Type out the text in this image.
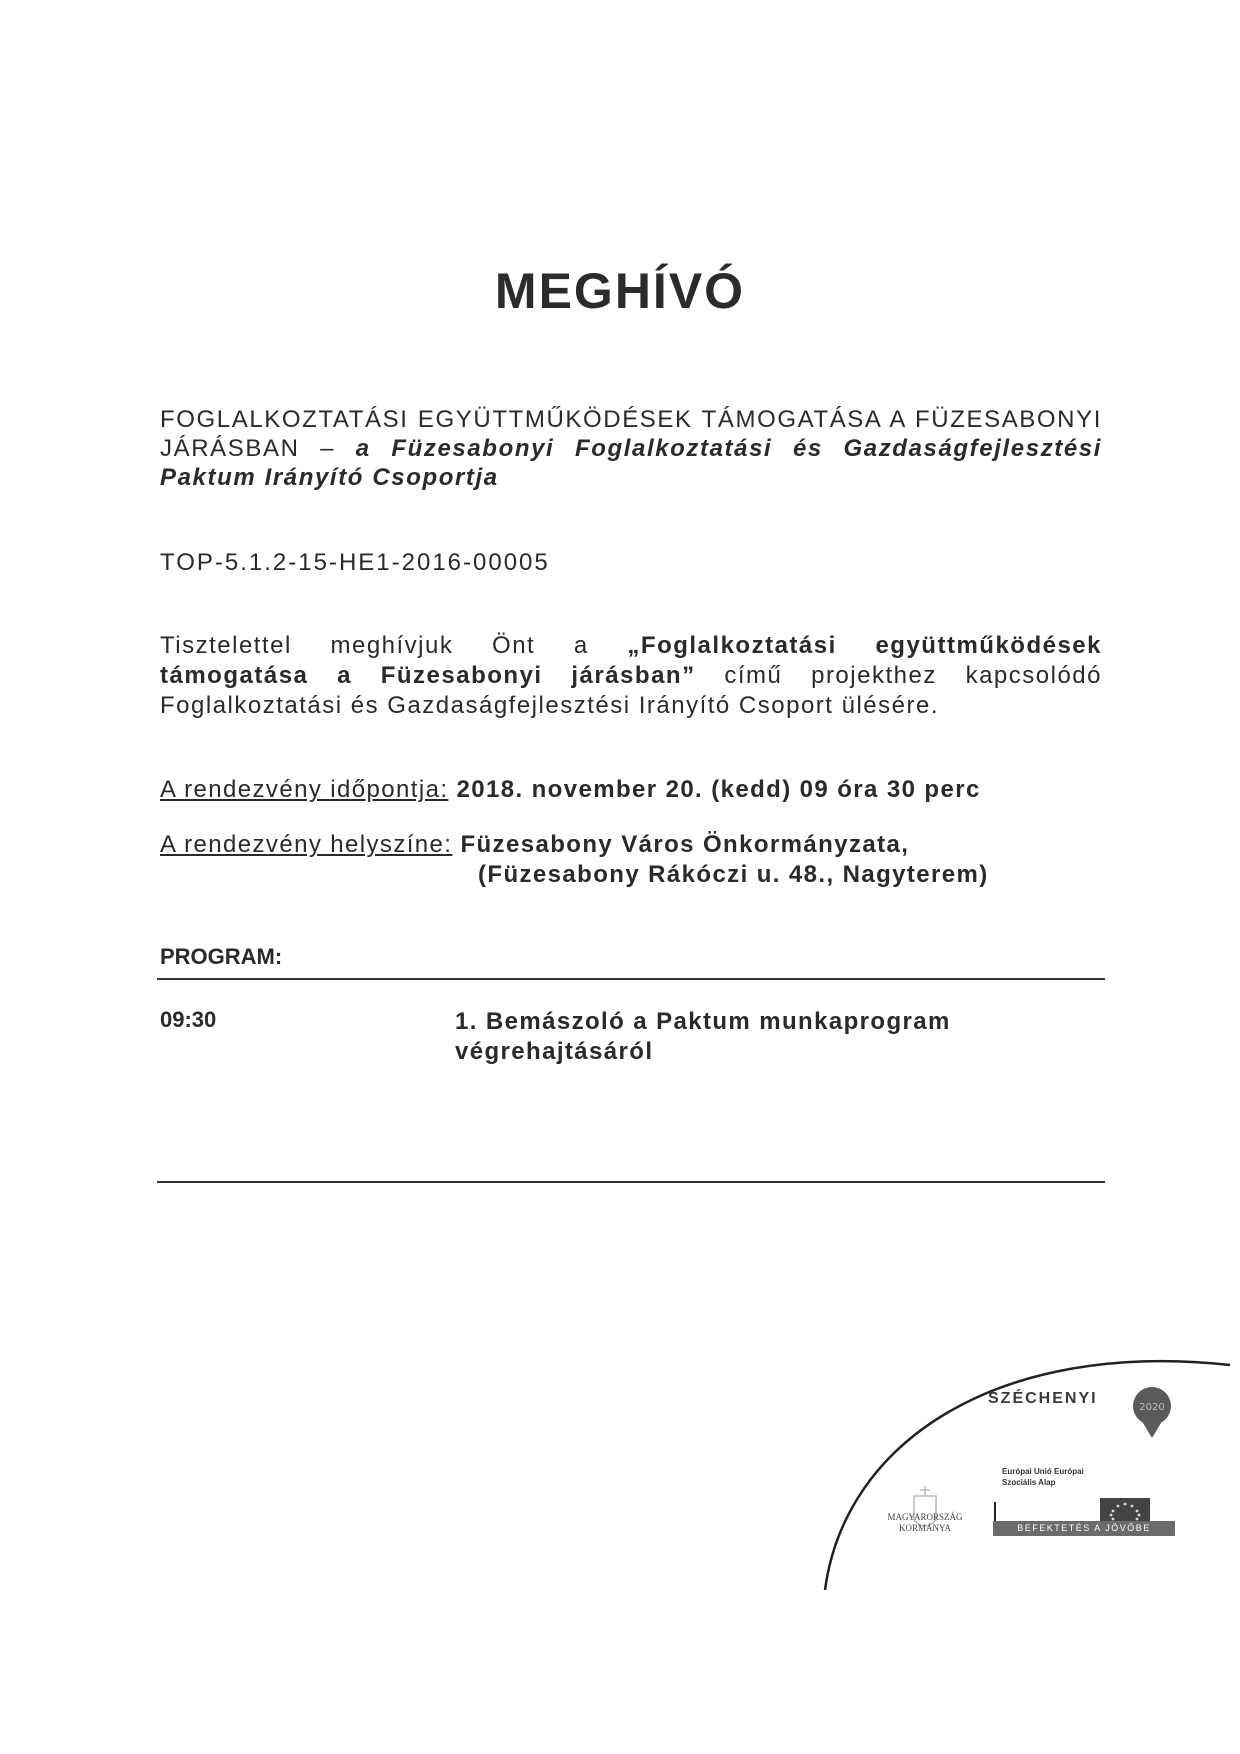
MEGHÍVÓ
FOGLALKOZTATÁSI EGYÜTTMŰKÖDÉSEK TÁMOGATÁSA A FÜZESABONYI JÁRÁSBAN – a Füzesabonyi Foglalkoztatási és Gazdaságfejlesztési Paktum Irányító Csoportja
TOP-5.1.2-15-HE1-2016-00005
Tisztelettel meghívjuk Önt a „Foglalkoztatási együttműködések támogatása a Füzesabonyi járásban” című projekthez kapcsolódó Foglalkoztatási és Gazdaságfejlesztési Irányító Csoport ülésére.
A rendezvény időpontja: 2018. november 20. (kedd) 09 óra 30 perc
A rendezvény helyszíne: Füzesabony Város Önkormányzata,
(Füzesabony Rákóczi u. 48., Nagyterem)
PROGRAM:
09:30	1. Bemászoló a Paktum munkaprogram végrehajtásáról
2020
SZÉCHENYI
MAGYARORSZÁG KORMÁNYA
Európai Unió Európai Szociális Alap
BEFEKTETÉS A JÖVŐBE
